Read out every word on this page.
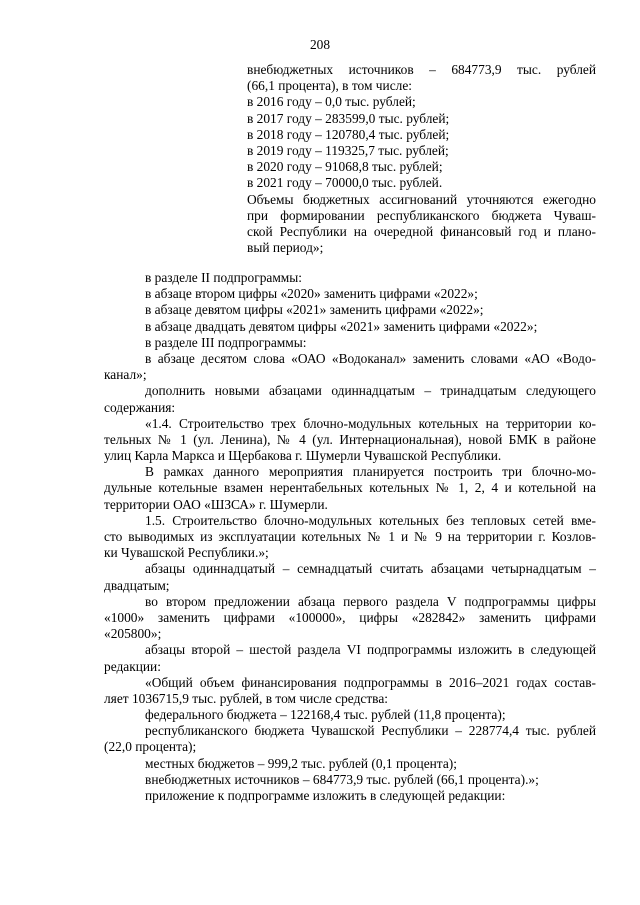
208
внебюджетных источников – 684773,9 тыс. рублей
(66,1 процента), в том числе:
в 2016 году – 0,0 тыс. рублей;
в 2017 году – 283599,0 тыс. рублей;
в 2018 году – 120780,4 тыс. рублей;
в 2019 году – 119325,7 тыс. рублей;
в 2020 году – 91068,8 тыс. рублей;
в 2021 году – 70000,0 тыс. рублей.
Объемы бюджетных ассигнований уточняются ежегодно
при формировании республиканского бюджета Чуваш-
ской Республики на очередной финансовый год и плано-
вый период»;
в разделе II подпрограммы:
в абзаце втором цифры «2020» заменить цифрами «2022»;
в абзаце девятом цифры «2021» заменить цифрами «2022»;
в абзаце двадцать девятом цифры «2021» заменить цифрами «2022»;
в разделе III подпрограммы:
в абзаце десятом слова «ОАО «Водоканал» заменить словами «АО «Водо-
канал»;
дополнить новыми абзацами одиннадцатым – тринадцатым следующего
содержания:
«1.4. Строительство трех блочно-модульных котельных на территории ко-
тельных № 1 (ул. Ленина), № 4 (ул. Интернациональная), новой БМК в районе
улиц Карла Маркса и Щербакова г. Шумерли Чувашской Республики.
В рамках данного мероприятия планируется построить три блочно-мо-
дульные котельные взамен нерентабельных котельных № 1, 2, 4 и котельной на
территории ОАО «ШЗСА» г. Шумерли.
1.5. Строительство блочно-модульных котельных без тепловых сетей вме-
сто выводимых из эксплуатации котельных № 1 и № 9 на территории г. Козлов-
ки Чувашской Республики.»;
абзацы одиннадцатый – семнадцатый считать абзацами четырнадцатым –
двадцатым;
во втором предложении абзаца первого раздела V подпрограммы цифры
«1000» заменить цифрами «100000», цифры «282842» заменить цифрами
«205800»;
абзацы второй – шестой раздела VI подпрограммы изложить в следующей
редакции:
«Общий объем финансирования подпрограммы в 2016–2021 годах состав-
ляет 1036715,9 тыс. рублей, в том числе средства:
федерального бюджета – 122168,4 тыс. рублей (11,8 процента);
республиканского бюджета Чувашской Республики – 228774,4 тыс. рублей
(22,0 процента);
местных бюджетов – 999,2 тыс. рублей (0,1 процента);
внебюджетных источников – 684773,9 тыс. рублей (66,1 процента).»;
приложение к подпрограмме изложить в следующей редакции:
